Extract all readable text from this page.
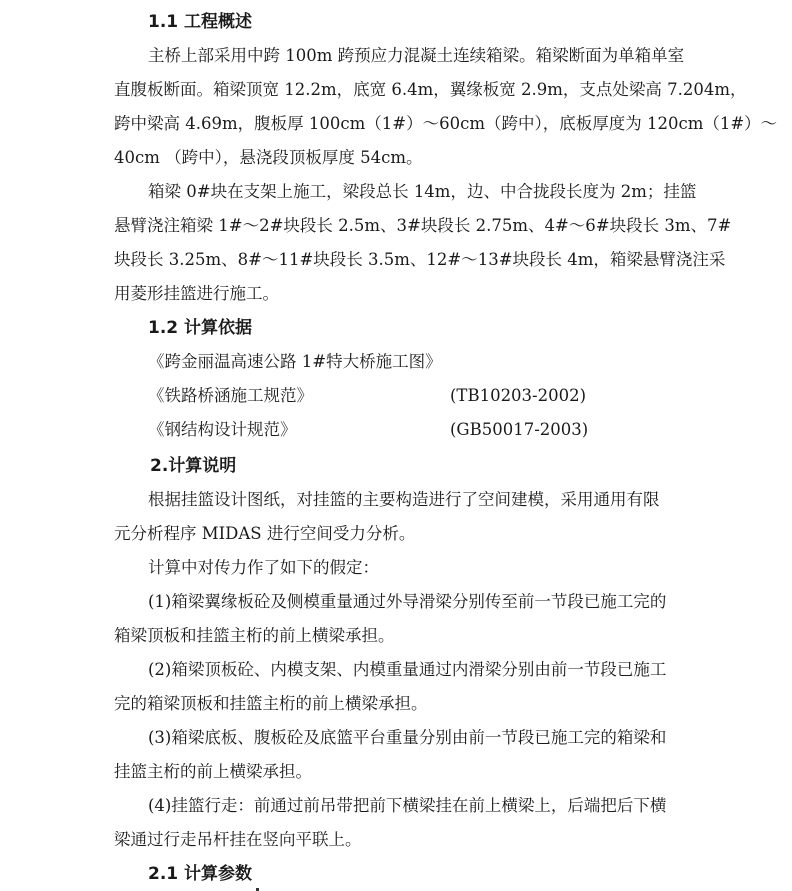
1.1 工程概述
主桥上部采用中跨 100m 跨预应力混凝土连续箱梁。箱梁断面为单箱单室
直腹板断面。箱梁顶宽 12.2m，底宽 6.4m，翼缘板宽 2.9m，支点处梁高 7.204m，
跨中梁高 4.69m，腹板厚 100cm（1#）～60cm（跨中），底板厚度为 120cm（1#）～
40cm （跨中），悬浇段顶板厚度 54cm。
箱梁 0#块在支架上施工，梁段总长 14m，边、中合拢段长度为 2m；挂篮
悬臂浇注箱梁 1#～2#块段长 2.5m、3#块段长 2.75m、4#～6#块段长 3m、7#
块段长 3.25m、8#～11#块段长 3.5m、12#～13#块段长 4m，箱梁悬臂浇注采
用菱形挂篮进行施工。
1.2 计算依据
《跨金丽温高速公路 1#特大桥施工图》
《铁路桥涵施工规范》	(TB10203-2002)
《钢结构设计规范》	(GB50017-2003)
2.计算说明
根据挂篮设计图纸，对挂篮的主要构造进行了空间建模，采用通用有限
元分析程序 MIDAS 进行空间受力分析。
计算中对传力作了如下的假定：
(1)箱梁翼缘板砼及侧模重量通过外导滑梁分别传至前一节段已施工完的
箱梁顶板和挂篮主桁的前上横梁承担。
(2)箱梁顶板砼、内模支架、内模重量通过内滑梁分别由前一节段已施工
完的箱梁顶板和挂篮主桁的前上横梁承担。
(3)箱梁底板、腹板砼及底篮平台重量分别由前一节段已施工完的箱梁和
挂篮主桁的前上横梁承担。
(4)挂篮行走：前通过前吊带把前下横梁挂在前上横梁上，后端把后下横
梁通过行走吊杆挂在竖向平联上。
2.1 计算参数
